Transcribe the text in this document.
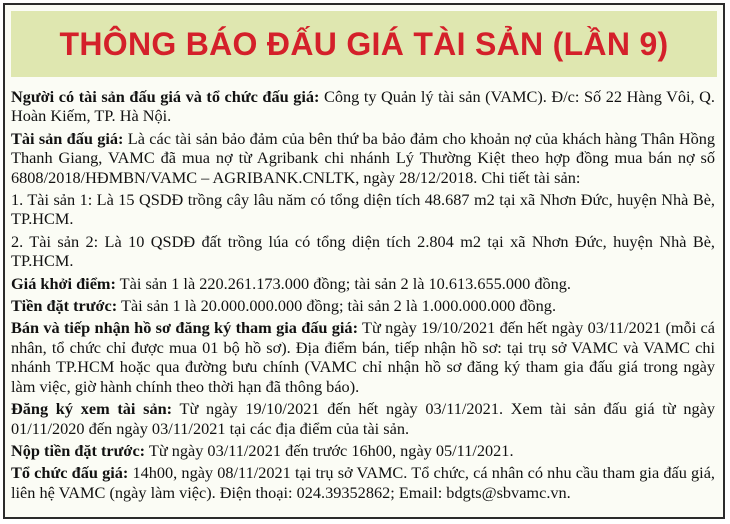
THÔNG BÁO ĐẤU GIÁ TÀI SẢN (LẦN 9)

Người có tài sản đấu giá và tổ chức đấu giá: Công ty Quản lý tài sản (VAMC). Đ/c: Số 22 Hàng Vôi, Q. Hoàn Kiếm, TP. Hà Nội.

Tài sản đấu giá: Là các tài sản bảo đảm của bên thứ ba bảo đảm cho khoản nợ của khách hàng Thân Hồng Thanh Giang, VAMC đã mua nợ từ Agribank chi nhánh Lý Thường Kiệt theo hợp đồng mua bán nợ số 6808/2018/HĐMBN/VAMC – AGRIBANK.CNLTK, ngày 28/12/2018. Chi tiết tài sản:

1. Tài sản 1: Là 15 QSDĐ trồng cây lâu năm có tổng diện tích 48.687 m2 tại xã Nhơn Đức, huyện Nhà Bè, TP.HCM.

2. Tài sản 2: Là 10 QSDĐ đất trồng lúa có tổng diện tích 2.804 m2 tại xã Nhơn Đức, huyện Nhà Bè, TP.HCM.

Giá khởi điểm: Tài sản 1 là 220.261.173.000 đồng; tài sản 2 là 10.613.655.000 đồng.

Tiền đặt trước: Tài sản 1 là 20.000.000.000 đồng; tài sản 2 là 1.000.000.000 đồng.

Bán và tiếp nhận hồ sơ đăng ký tham gia đấu giá: Từ ngày 19/10/2021 đến hết ngày 03/11/2021 (mỗi cá nhân, tổ chức chỉ được mua 01 bộ hồ sơ). Địa điểm bán, tiếp nhận hồ sơ: tại trụ sở VAMC và VAMC chi nhánh TP.HCM hoặc qua đường bưu chính (VAMC chỉ nhận hồ sơ đăng ký tham gia đấu giá trong ngày làm việc, giờ hành chính theo thời hạn đã thông báo).

Đăng ký xem tài sản: Từ ngày 19/10/2021 đến hết ngày 03/11/2021. Xem tài sản đấu giá từ ngày 01/11/2020 đến ngày 03/11/2021 tại các địa điểm của tài sản.

Nộp tiền đặt trước: Từ ngày 03/11/2021 đến trước 16h00, ngày 05/11/2021.

Tổ chức đấu giá: 14h00, ngày 08/11/2021 tại trụ sở VAMC. Tổ chức, cá nhân có nhu cầu tham gia đấu giá, liên hệ VAMC (ngày làm việc). Điện thoại: 024.39352862; Email: bdgts@sbvamc.vn.
